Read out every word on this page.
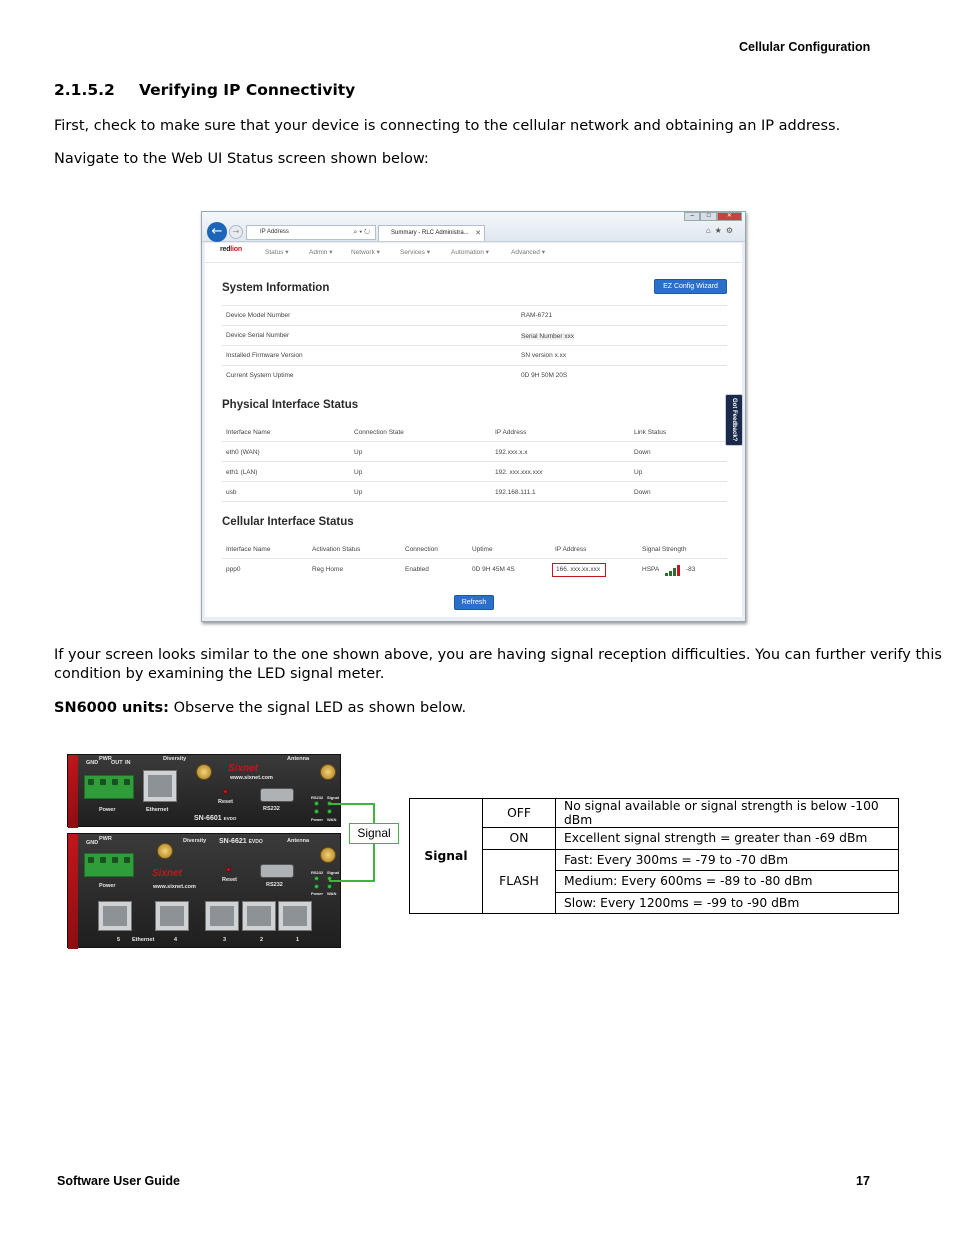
Cellular Configuration
2.1.5.2 Verifying IP Connectivity
First, check to make sure that your device is connecting to the cellular network and obtaining an IP address.
Navigate to the Web UI Status screen shown below:
–	□	✕
←	→	IP Address	⌕ ▾ ↻	Summary - RLC Administra... ✕	⌂★⚙
redlion	Status ▾	Admin ▾	Network ▾	Services ▾	Automation ▾	Advanced ▾
System Information	EZ Config Wizard
Device Model Number	RAM-6721
Device Serial Number	Serial Number xxx
Installed Firmware Version	SN version x.xx
Current System Uptime	0D 9H 50M 20S
Physical Interface Status
Interface Name	Connection State	IP Address	Link Status
eth0 (WAN)	Up	192.xxx.x.x	Down
eth1 (LAN)	Up	192. xxx.xxx.xxx	Up
usb	Up	192.168.111.1	Down
Got Feedback?
Cellular Interface Status
Interface Name	Activation Status	Connection	Uptime	IP Address	Signal Strength
ppp0	Reg Home	Enabled	0D 9H 45M 4S	166. xxx.xx.xxx	HSPA	-83
Refresh
If your screen looks similar to the one shown above, you are having signal reception difficulties. You can further verify this
condition by examining the LED signal meter.
SN6000 units: Observe the signal LED as shown below.
GND
PWR
OUT IN
Power	Ethernet
Diversity
Sixnet
www.sixnet.com
Reset
RS232
Antenna
RS232 Signal
Power WAN
SN-6601 EVDO
GND
PWR
Power
Diversity SN-6621 EVDO	Antenna
Sixnet
www.sixnet.com
Reset
RS232
RS232 Signal
Power WAN
5 Ethernet	4	3	2	1
Signal
Signal	OFF	No signal available or signal strength is below -100 dBm
	ON	Excellent signal strength = greater than -69 dBm
	FLASH	Fast: Every 300ms = -79 to -70 dBm
		Medium: Every 600ms = -89 to -80 dBm
		Slow: Every 1200ms = -99 to -90 dBm
Software User Guide	17
